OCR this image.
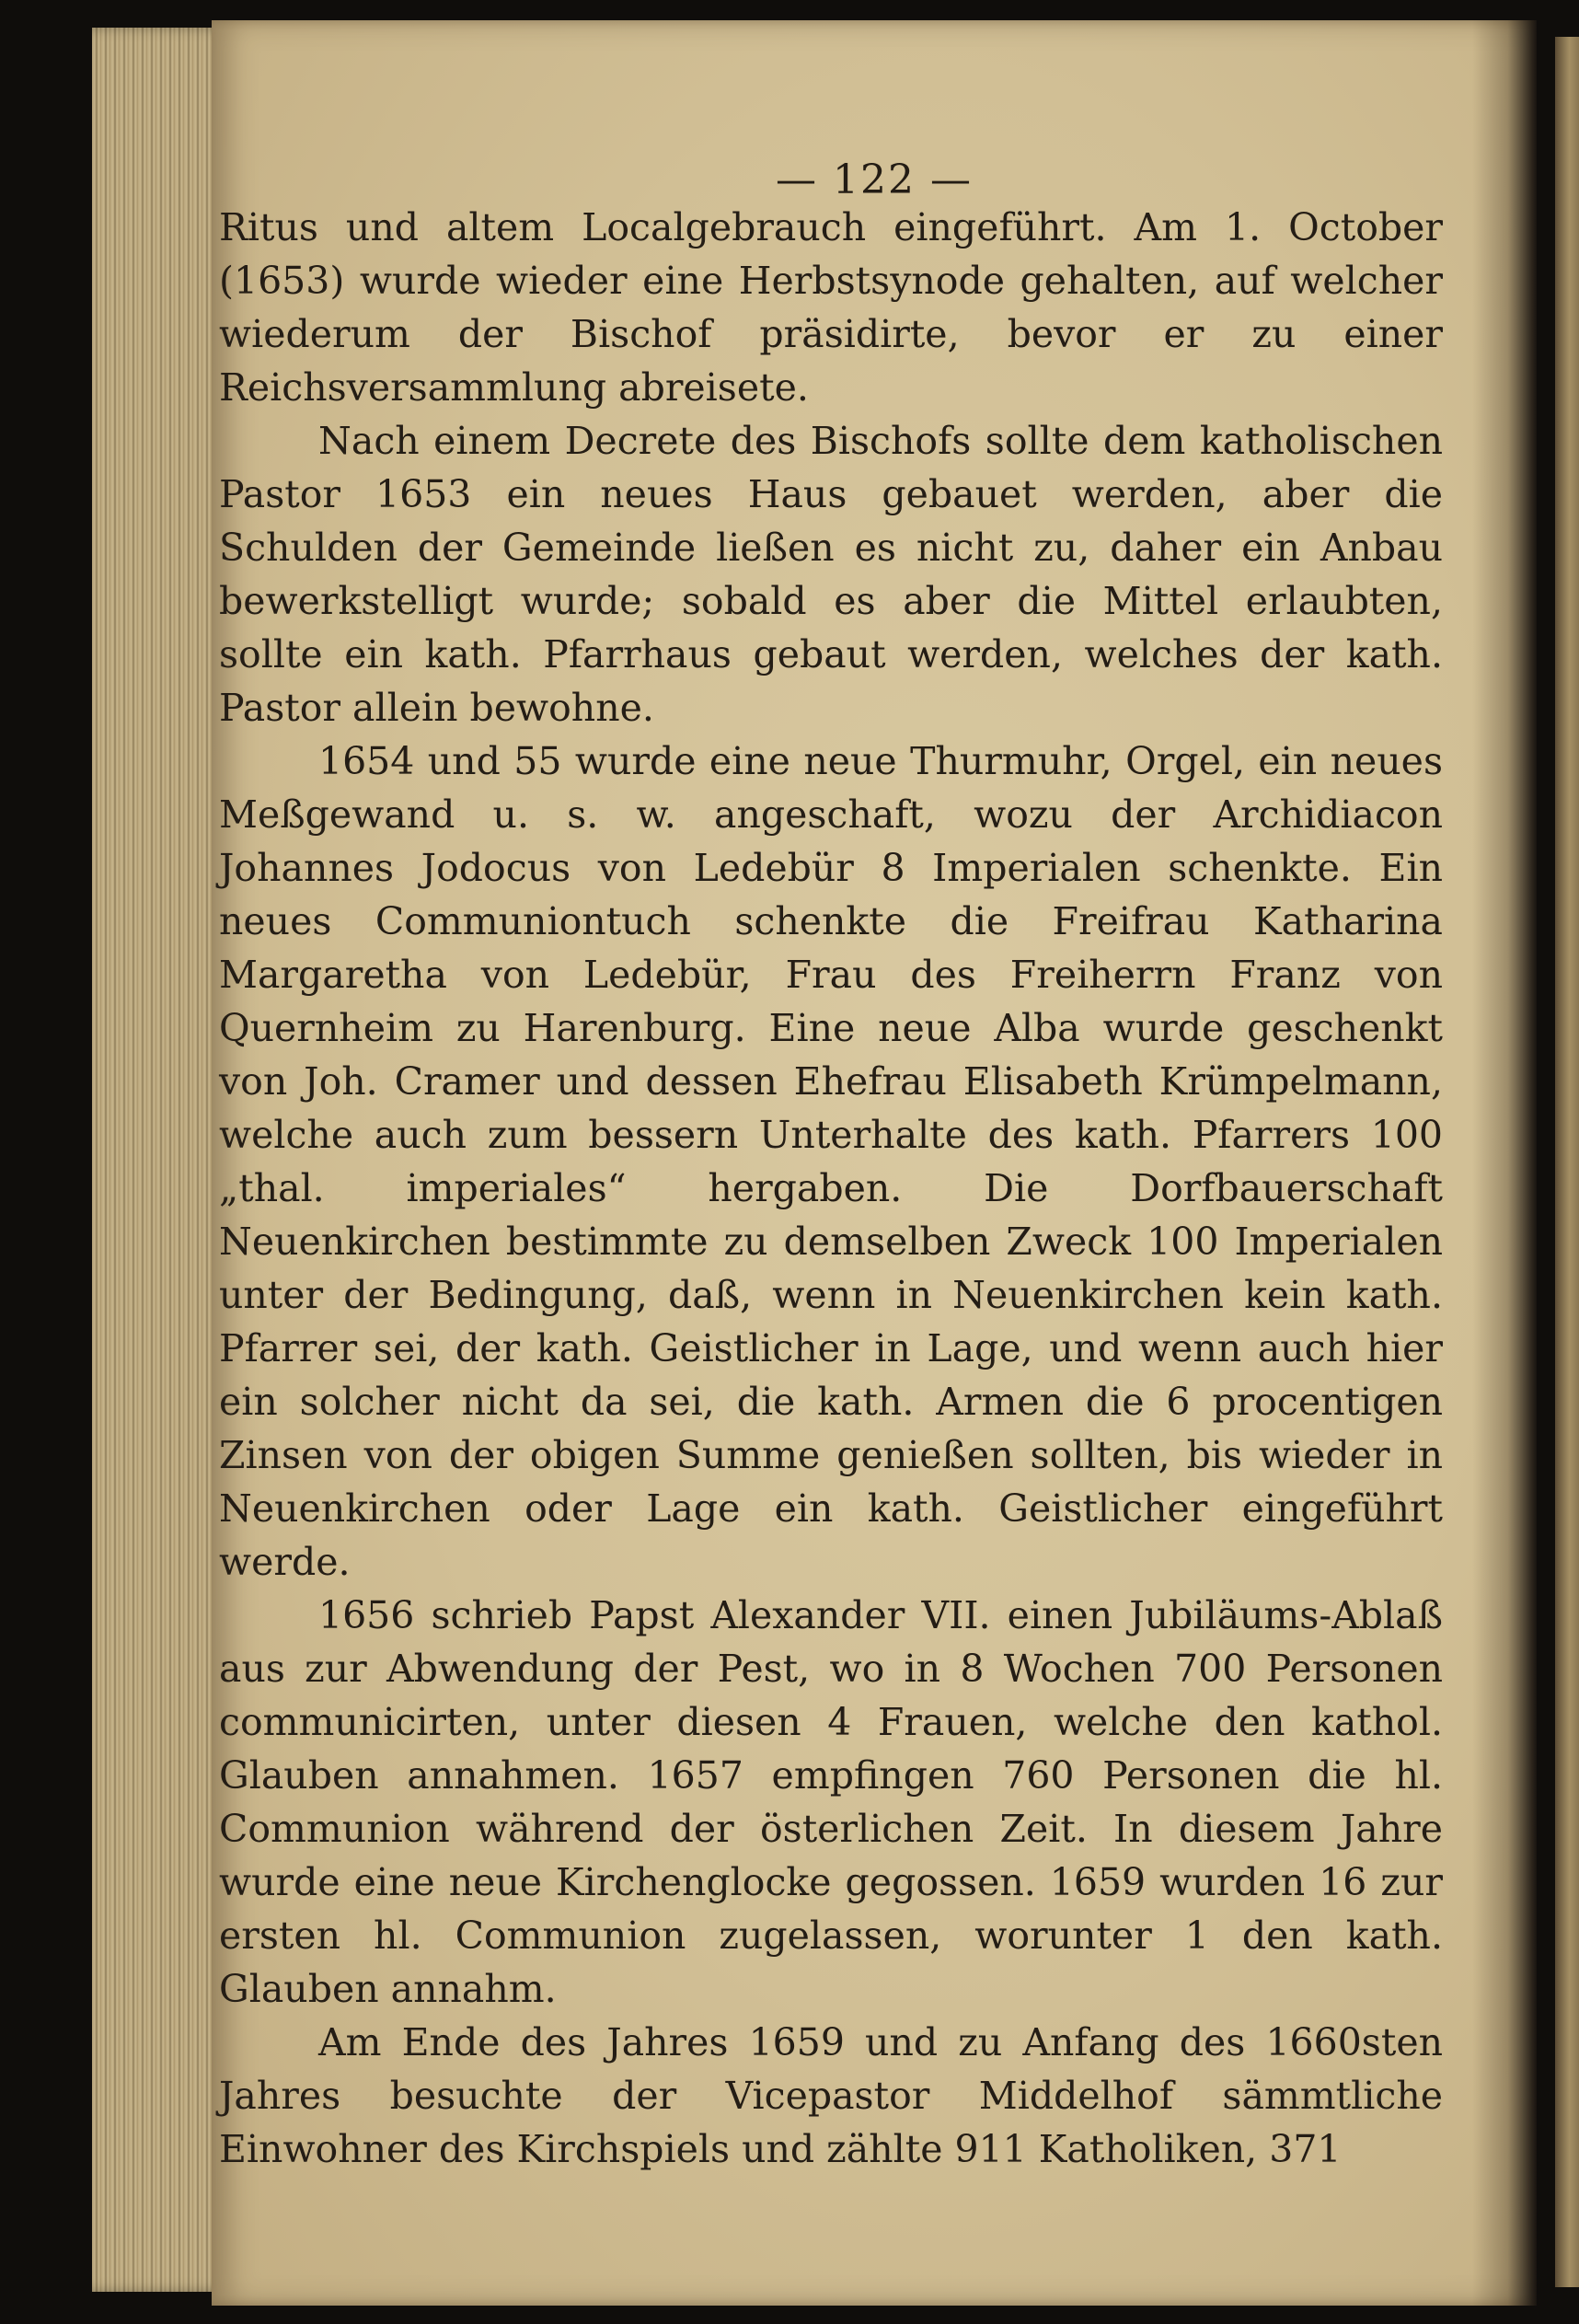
— 122 —

Ritus und altem Localgebrauch eingeführt. Am 1. October (1653) wurde wieder eine Herbstsynode gehalten, auf welcher wiederum der Bischof präsidirte, bevor er zu einer Reichsversammlung abreisete.

Nach einem Decrete des Bischofs sollte dem katholischen Pastor 1653 ein neues Haus gebauet werden, aber die Schulden der Gemeinde ließen es nicht zu, daher ein Anbau bewerkstelligt wurde; sobald es aber die Mittel erlaubten, sollte ein kath. Pfarrhaus gebaut werden, welches der kath. Pastor allein bewohne.

1654 und 55 wurde eine neue Thurmuhr, Orgel, ein neues Meßgewand u. s. w. angeschaft, wozu der Archidiacon Johannes Jodocus von Ledebür 8 Imperialen schenkte. Ein neues Communiontuch schenkte die Freifrau Katharina Margaretha von Ledebür, Frau des Freiherrn Franz von Quernheim zu Harenburg. Eine neue Alba wurde geschenkt von Joh. Cramer und dessen Ehefrau Elisabeth Krümpelmann, welche auch zum bessern Unterhalte des kath. Pfarrers 100 „thal. imperiales“ hergaben. Die Dorfbauerschaft Neuenkirchen bestimmte zu demselben Zweck 100 Imperialen unter der Bedingung, daß, wenn in Neuenkirchen kein kath. Pfarrer sei, der kath. Geistlicher in Lage, und wenn auch hier ein solcher nicht da sei, die kath. Armen die 6 procentigen Zinsen von der obigen Summe genießen sollten, bis wieder in Neuenkirchen oder Lage ein kath. Geistlicher eingeführt werde.

1656 schrieb Papst Alexander VII. einen Jubiläums-Ablaß aus zur Abwendung der Pest, wo in 8 Wochen 700 Personen communicirten, unter diesen 4 Frauen, welche den kathol. Glauben annahmen. 1657 empfingen 760 Personen die hl. Communion während der österlichen Zeit. In diesem Jahre wurde eine neue Kirchenglocke gegossen. 1659 wurden 16 zur ersten hl. Communion zugelassen, worunter 1 den kath. Glauben annahm.

Am Ende des Jahres 1659 und zu Anfang des 1660sten Jahres besuchte der Vicepastor Middelhof sämmtliche Einwohner des Kirchspiels und zählte 911 Katholiken, 371
